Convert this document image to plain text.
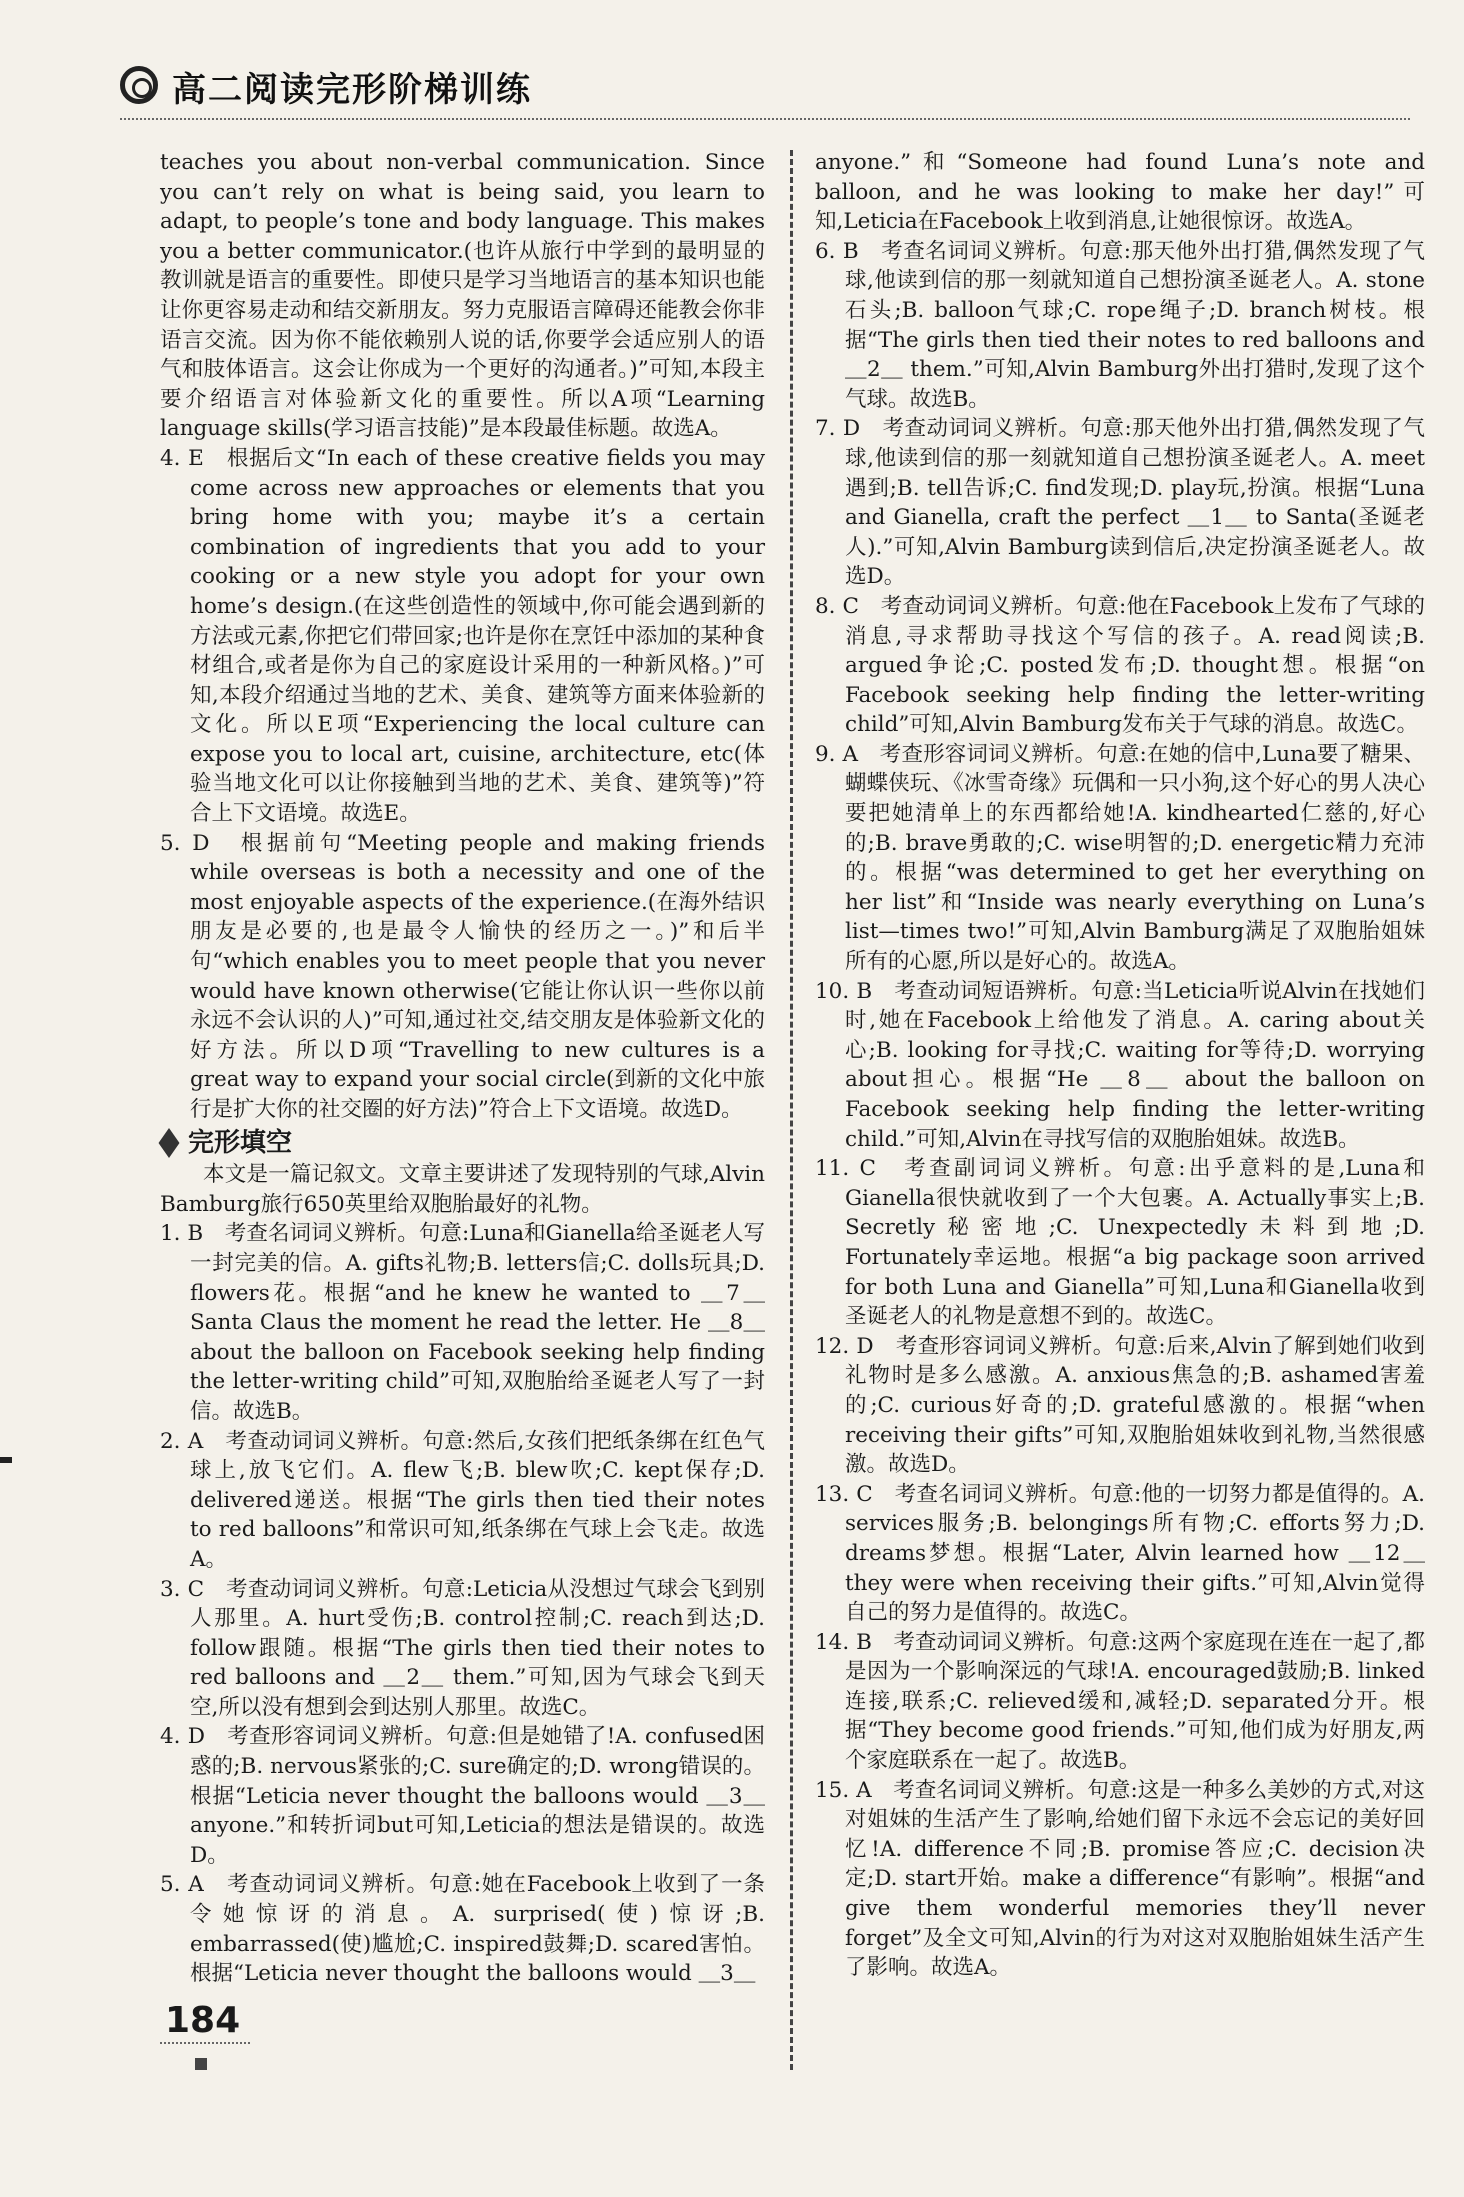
高二阅读完形阶梯训练

teaches you about non-verbal communication. Since you can’t rely on what is being said, you learn to adapt, to people’s tone and body language. This makes you a better communicator.(也许从旅行中学到的最明显的教训就是语言的重要性。即使只是学习当地语言的基本知识也能让你更容易走动和结交新朋友。努力克服语言障碍还能教会你非语言交流。因为你不能依赖别人说的话,你要学会适应别人的语气和肢体语言。这会让你成为一个更好的沟通者。)”可知,本段主要介绍语言对体验新文化的重要性。所以A项“Learning language skills(学习语言技能)”是本段最佳标题。故选A。

4. E　根据后文“In each of these creative fields you may come across new approaches or elements that you bring home with you; maybe it’s a certain combination of ingredients that you add to your cooking or a new style you adopt for your own home’s design.(在这些创造性的领域中,你可能会遇到新的方法或元素,你把它们带回家;也许是你在烹饪中添加的某种食材组合,或者是你为自己的家庭设计采用的一种新风格。)”可知,本段介绍通过当地的艺术、美食、建筑等方面来体验新的文化。所以E项“Experiencing the local culture can expose you to local art, cuisine, architecture, etc(体验当地文化可以让你接触到当地的艺术、美食、建筑等)”符合上下文语境。故选E。

5. D　根据前句“Meeting people and making friends while overseas is both a necessity and one of the most enjoyable aspects of the experience.(在海外结识朋友是必要的,也是最令人愉快的经历之一。)”和后半句“which enables you to meet people that you never would have known otherwise(它能让你认识一些你以前永远不会认识的人)”可知,通过社交,结交朋友是体验新文化的好方法。所以D项“Travelling to new cultures is a great way to expand your social circle(到新的文化中旅行是扩大你的社交圈的好方法)”符合上下文语境。故选D。

完形填空

本文是一篇记叙文。文章主要讲述了发现特别的气球,Alvin Bamburg旅行650英里给双胞胎最好的礼物。

1. B　考查名词词义辨析。句意:Luna和Gianella给圣诞老人写一封完美的信。A. gifts礼物;B. letters信;C. dolls玩具;D. flowers花。根据“and he knew he wanted to ＿7＿ Santa Claus the moment he read the letter. He ＿8＿ about the balloon on Facebook seeking help finding the letter-writing child”可知,双胞胎给圣诞老人写了一封信。故选B。

2. A　考查动词词义辨析。句意:然后,女孩们把纸条绑在红色气球上,放飞它们。A. flew飞;B. blew吹;C. kept保存;D. delivered递送。根据“The girls then tied their notes to red balloons”和常识可知,纸条绑在气球上会飞走。故选A。

3. C　考查动词词义辨析。句意:Leticia从没想过气球会飞到别人那里。A. hurt受伤;B. control控制;C. reach到达;D. follow跟随。根据“The girls then tied their notes to red balloons and ＿2＿ them.”可知,因为气球会飞到天空,所以没有想到会到达别人那里。故选C。

4. D　考查形容词词义辨析。句意:但是她错了!A. confused困惑的;B. nervous紧张的;C. sure确定的;D. wrong错误的。根据“Leticia never thought the balloons would ＿3＿ anyone.”和转折词but可知,Leticia的想法是错误的。故选D。

5. A　考查动词词义辨析。句意:她在Facebook上收到了一条令她惊讶的消息。A. surprised(使)惊讶;B. embarrassed(使)尴尬;C. inspired鼓舞;D. scared害怕。根据“Leticia never thought the balloons would ＿3＿

anyone.”和“Someone had found Luna’s note and balloon, and he was looking to make her day!”可知,Leticia在Facebook上收到消息,让她很惊讶。故选A。

6. B　考查名词词义辨析。句意:那天他外出打猎,偶然发现了气球,他读到信的那一刻就知道自己想扮演圣诞老人。A. stone石头;B. balloon气球;C. rope绳子;D. branch树枝。根据“The girls then tied their notes to red balloons and ＿2＿ them.”可知,Alvin Bamburg外出打猎时,发现了这个气球。故选B。

7. D　考查动词词义辨析。句意:那天他外出打猎,偶然发现了气球,他读到信的那一刻就知道自己想扮演圣诞老人。A. meet遇到;B. tell告诉;C. find发现;D. play玩,扮演。根据“Luna and Gianella, craft the perfect ＿1＿ to Santa(圣诞老人).”可知,Alvin Bamburg读到信后,决定扮演圣诞老人。故选D。

8. C　考查动词词义辨析。句意:他在Facebook上发布了气球的消息,寻求帮助寻找这个写信的孩子。A. read阅读;B. argued争论;C. posted发布;D. thought想。根据“on Facebook seeking help finding the letter-writing child”可知,Alvin Bamburg发布关于气球的消息。故选C。

9. A　考查形容词词义辨析。句意:在她的信中,Luna要了糖果、蝴蝶侠玩、《冰雪奇缘》玩偶和一只小狗,这个好心的男人决心要把她清单上的东西都给她!A. kindhearted仁慈的,好心的;B. brave勇敢的;C. wise明智的;D. energetic精力充沛的。根据“was determined to get her everything on her list”和“Inside was nearly everything on Luna’s list—times two!”可知,Alvin Bamburg满足了双胞胎姐妹所有的心愿,所以是好心的。故选A。

10. B　考查动词短语辨析。句意:当Leticia听说Alvin在找她们时,她在Facebook上给他发了消息。A. caring about关心;B. looking for寻找;C. waiting for等待;D. worrying about担心。根据“He ＿8＿ about the balloon on Facebook seeking help finding the letter-writing child.”可知,Alvin在寻找写信的双胞胎姐妹。故选B。

11. C　考查副词词义辨析。句意:出乎意料的是,Luna和Gianella很快就收到了一个大包裹。A. Actually事实上;B. Secretly秘密地;C. Unexpectedly未料到地;D. Fortunately幸运地。根据“a big package soon arrived for both Luna and Gianella”可知,Luna和Gianella收到圣诞老人的礼物是意想不到的。故选C。

12. D　考查形容词词义辨析。句意:后来,Alvin了解到她们收到礼物时是多么感激。A. anxious焦急的;B. ashamed害羞的;C. curious好奇的;D. grateful感激的。根据“when receiving their gifts”可知,双胞胎姐妹收到礼物,当然很感激。故选D。

13. C　考查名词词义辨析。句意:他的一切努力都是值得的。A. services服务;B. belongings所有物;C. efforts努力;D. dreams梦想。根据“Later, Alvin learned how ＿12＿ they were when receiving their gifts.”可知,Alvin觉得自己的努力是值得的。故选C。

14. B　考查动词词义辨析。句意:这两个家庭现在连在一起了,都是因为一个影响深远的气球!A. encouraged鼓励;B. linked连接,联系;C. relieved缓和,减轻;D. separated分开。根据“They become good friends.”可知,他们成为好朋友,两个家庭联系在一起了。故选B。

15. A　考查名词词义辨析。句意:这是一种多么美妙的方式,对这对姐妹的生活产生了影响,给她们留下永远不会忘记的美好回忆!A. difference不同;B. promise答应;C. decision决定;D. start开始。make a difference“有影响”。根据“and give them wonderful memories they’ll never forget”及全文可知,Alvin的行为对这对双胞胎姐妹生活产生了影响。故选A。

184
